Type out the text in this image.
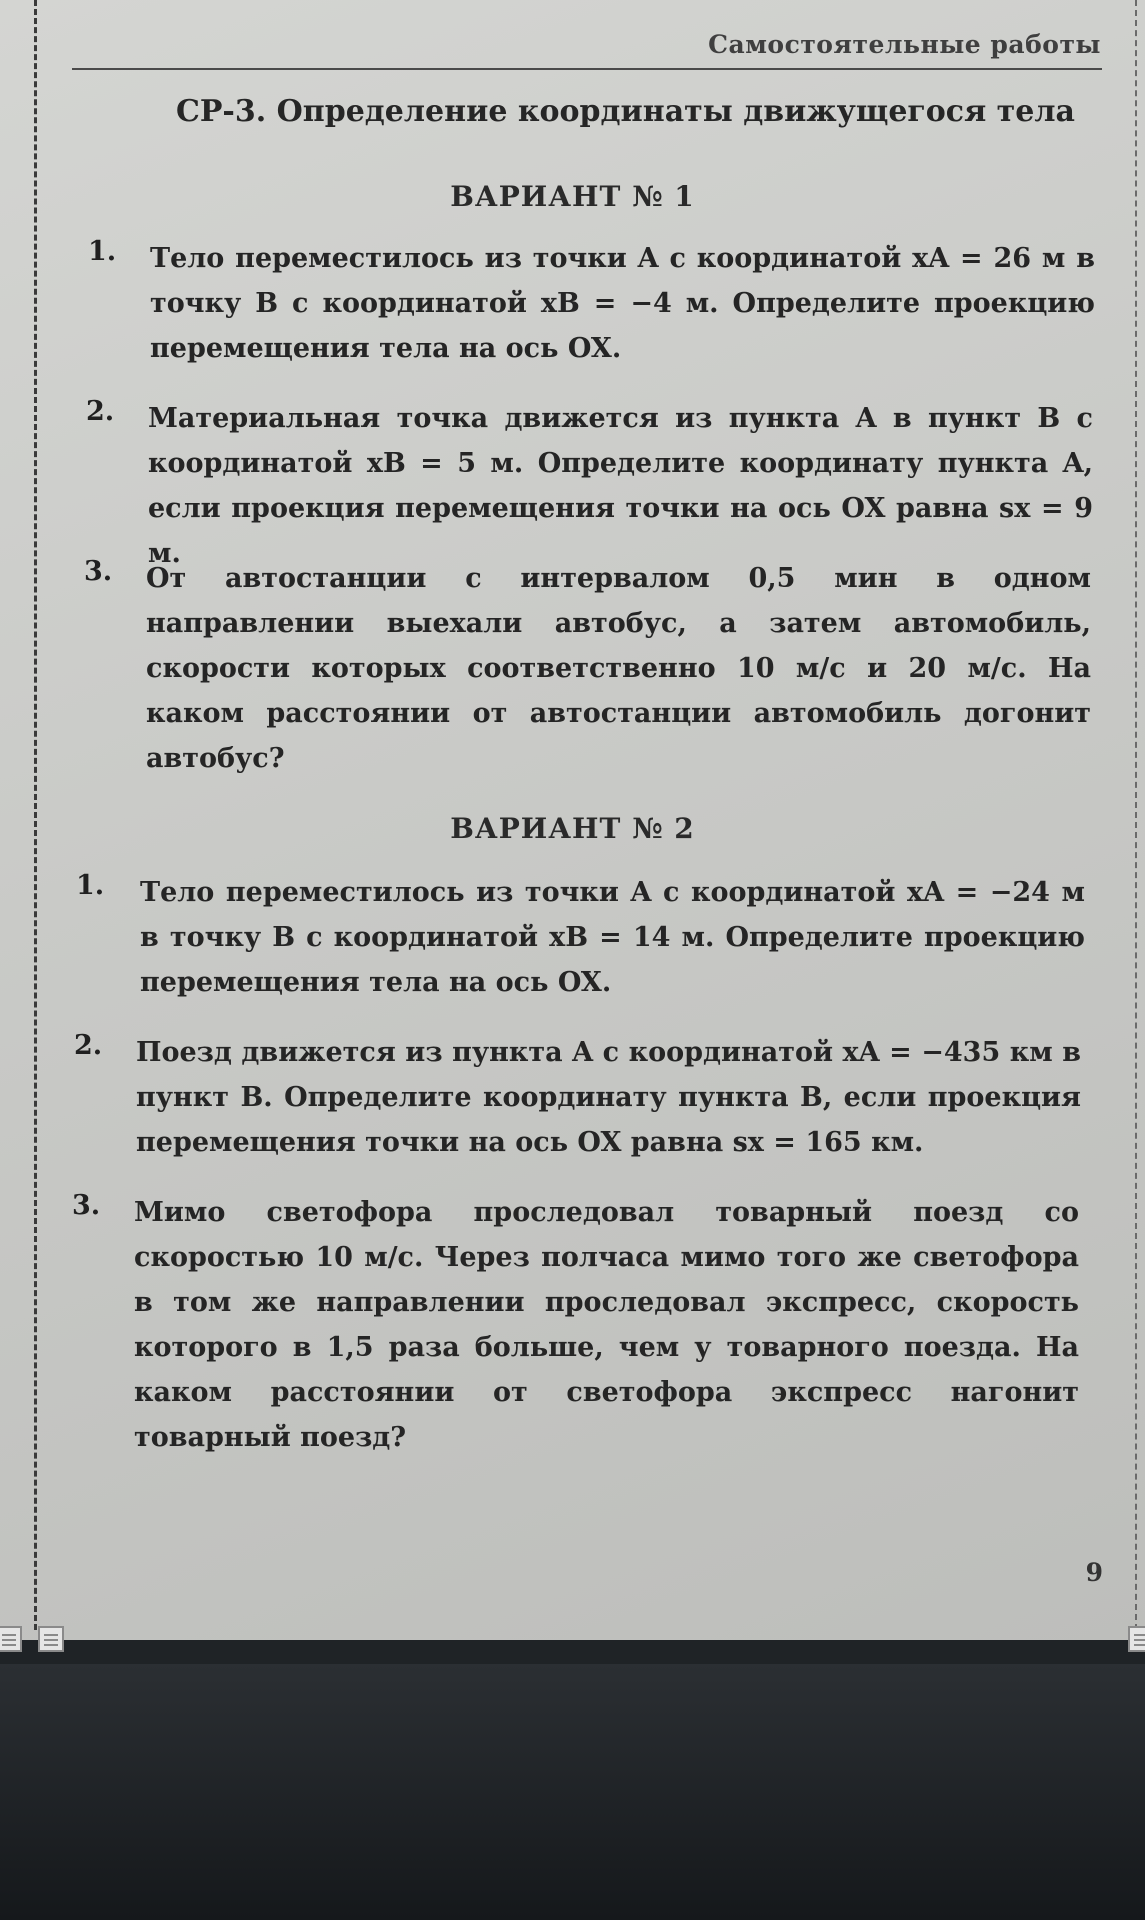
Самостоятельные работы
СР-3. Определение координаты движущегося тела
ВАРИАНТ № 1
1. Тело переместилось из точки A с координатой xA = 26 м в точку B с координатой xB = −4 м. Определите проекцию перемещения тела на ось OX.
2. Материальная точка движется из пункта A в пункт B с координатой xB = 5 м. Определите координату пункта A, если проекция перемещения точки на ось OX равна sx = 9 м.
3. От автостанции с интервалом 0,5 мин в одном направлении выехали автобус, а затем автомобиль, скорости которых соответственно 10 м/с и 20 м/с. На каком расстоянии от автостанции автомобиль догонит автобус?
ВАРИАНТ № 2
1. Тело переместилось из точки A с координатой xA = −24 м в точку B с координатой xB = 14 м. Определите проекцию перемещения тела на ось OX.
2. Поезд движется из пункта A с координатой xA = −435 км в пункт B. Определите координату пункта В, если проекция перемещения точки на ось OX равна sx = 165 км.
3. Мимо светофора проследовал товарный поезд со скоростью 10 м/с. Через полчаса мимо того же светофора в том же направлении проследовал экспресс, скорость которого в 1,5 раза больше, чем у товарного поезда. На каком расстоянии от светофора экспресс нагонит товарный поезд?
9
